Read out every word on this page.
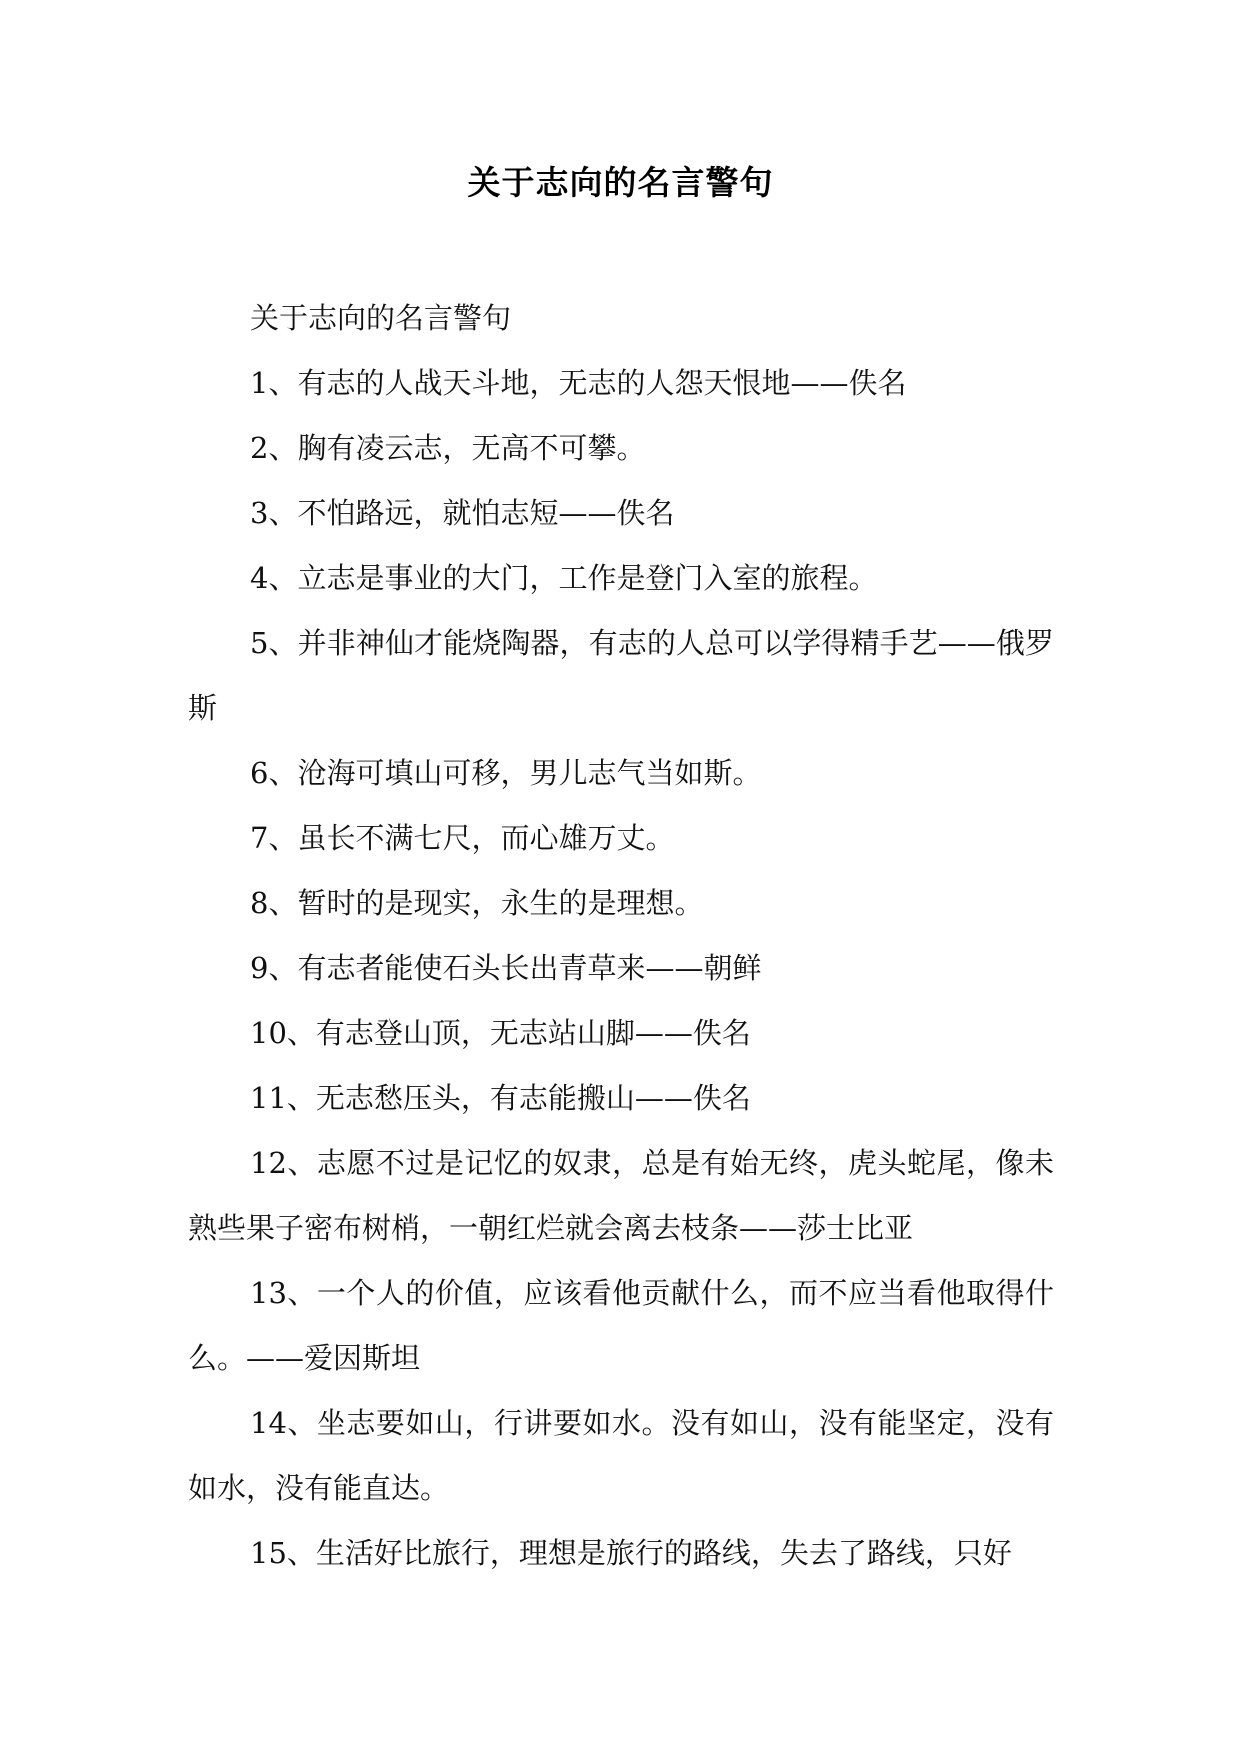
关于志向的名言警句

关于志向的名言警句

1、有志的人战天斗地，无志的人怨天恨地——佚名

2、胸有凌云志，无高不可攀。

3、不怕路远，就怕志短——佚名

4、立志是事业的大门，工作是登门入室的旅程。

5、并非神仙才能烧陶器，有志的人总可以学得精手艺——俄罗斯

6、沧海可填山可移，男儿志气当如斯。

7、虽长不满七尺，而心雄万丈。

8、暂时的是现实，永生的是理想。

9、有志者能使石头长出青草来——朝鲜

10、有志登山顶，无志站山脚——佚名

11、无志愁压头，有志能搬山——佚名

12、志愿不过是记忆的奴隶，总是有始无终，虎头蛇尾，像未熟些果子密布树梢，一朝红烂就会离去枝条——莎士比亚

13、一个人的价值，应该看他贡献什么，而不应当看他取得什么。——爱因斯坦

14、坐志要如山，行讲要如水。没有如山，没有能坚定，没有如水，没有能直达。

15、生活好比旅行，理想是旅行的路线，失去了路线，只好
